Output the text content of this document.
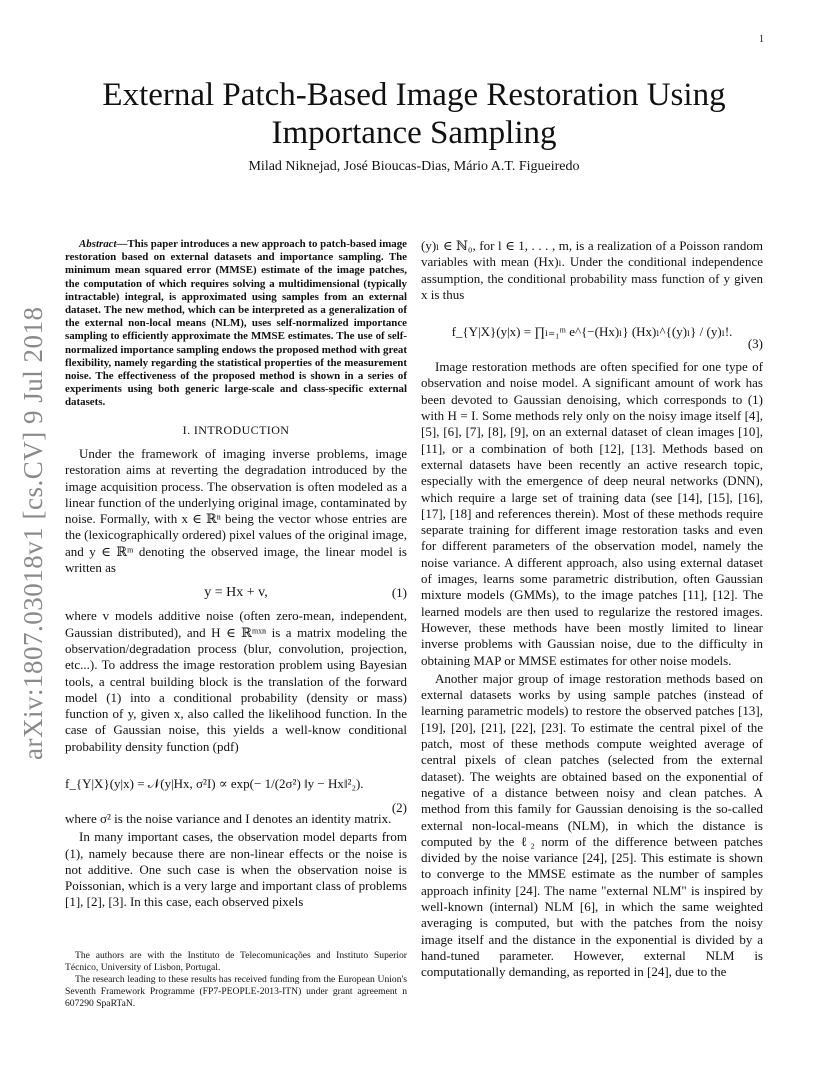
1
arXiv:1807.03018v1 [cs.CV] 9 Jul 2018
External Patch-Based Image Restoration Using
Importance Sampling
Milad Niknejad, José Bioucas-Dias, Mário A.T. Figueiredo

Abstract—This paper introduces a new approach to patch-based image restoration based on external datasets and importance sampling. The minimum mean squared error (MMSE) estimate of the image patches, the computation of which requires solving a multidimensional (typically intractable) integral, is approximated using samples from an external dataset. The new method, which can be interpreted as a generalization of the external non-local means (NLM), uses self-normalized importance sampling to efficiently approximate the MMSE estimates. The use of self-normalized importance sampling endows the proposed method with great flexibility, namely regarding the statistical properties of the measurement noise. The effectiveness of the proposed method is shown in a series of experiments using both generic large-scale and class-specific external datasets.

I. INTRODUCTION

Under the framework of imaging inverse problems, image restoration aims at reverting the degradation introduced by the image acquisition process. The observation is often modeled as a linear function of the underlying original image, contaminated by noise. Formally, with x ∈ ℝⁿ being the vector whose entries are the (lexicographically ordered) pixel values of the original image, and y ∈ ℝᵐ denoting the observed image, the linear model is written as

y = Hx + v,	(1)

where v models additive noise (often zero-mean, independent, Gaussian distributed), and H ∈ ℝᵐˣⁿ is a matrix modeling the observation/degradation process (blur, convolution, projection, etc...). To address the image restoration problem using Bayesian tools, a central building block is the translation of the forward model (1) into a conditional probability (density or mass) function of y, given x, also called the likelihood function. In the case of Gaussian noise, this yields a well-know conditional probability density function (pdf)

f_{Y|X}(y|x) = 𝒩(y|Hx, σ²I) ∝ exp(− 1/(2σ²) ‖y − Hx‖²₂).
(2)

where σ² is the noise variance and I denotes an identity matrix.

In many important cases, the observation model departs from (1), namely because there are non-linear effects or the noise is not additive. One such case is when the observation noise is Poissonian, which is a very large and important class of problems [1], [2], [3]. In this case, each observed pixels

The authors are with the Instituto de Telecomunicações and Instituto Superior Técnico, University of Lisbon, Portugal.

The research leading to these results has received funding from the European Union's Seventh Framework Programme (FP7-PEOPLE-2013-ITN) under grant agreement n 607290 SpaRTaN.

(y)ₗ ∈ ℕ₀, for l ∈ 1, . . . , m, is a realization of a Poisson random variables with mean (Hx)ₗ. Under the conditional independence assumption, the conditional probability mass function of y given x is thus

f_{Y|X}(y|x) = ∏ₗ₌₁ᵐ e^{−(Hx)ₗ} (Hx)ₗ^{(y)ₗ} / (y)ₗ!.
(3)

Image restoration methods are often specified for one type of observation and noise model. A significant amount of work has been devoted to Gaussian denoising, which corresponds to (1) with H = I. Some methods rely only on the noisy image itself [4], [5], [6], [7], [8], [9], on an external dataset of clean images [10], [11], or a combination of both [12], [13]. Methods based on external datasets have been recently an active research topic, especially with the emergence of deep neural networks (DNN), which require a large set of training data (see [14], [15], [16], [17], [18] and references therein). Most of these methods require separate training for different image restoration tasks and even for different parameters of the observation model, namely the noise variance. A different approach, also using external dataset of images, learns some parametric distribution, often Gaussian mixture models (GMMs), to the image patches [11], [12]. The learned models are then used to regularize the restored images. However, these methods have been mostly limited to linear inverse problems with Gaussian noise, due to the difficulty in obtaining MAP or MMSE estimates for other noise models.

Another major group of image restoration methods based on external datasets works by using sample patches (instead of learning parametric models) to restore the observed patches [13], [19], [20], [21], [22], [23]. To estimate the central pixel of the patch, most of these methods compute weighted average of central pixels of clean patches (selected from the external dataset). The weights are obtained based on the exponential of negative of a distance between noisy and clean patches. A method from this family for Gaussian denoising is the so-called external non-local-means (NLM), in which the distance is computed by the ℓ₂ norm of the difference between patches divided by the noise variance [24], [25]. This estimate is shown to converge to the MMSE estimate as the number of samples approach infinity [24]. The name "external NLM" is inspired by well-known (internal) NLM [6], in which the same weighted averaging is computed, but with the patches from the noisy image itself and the distance in the exponential is divided by a hand-tuned parameter. However, external NLM is computationally demanding, as reported in [24], due to the
